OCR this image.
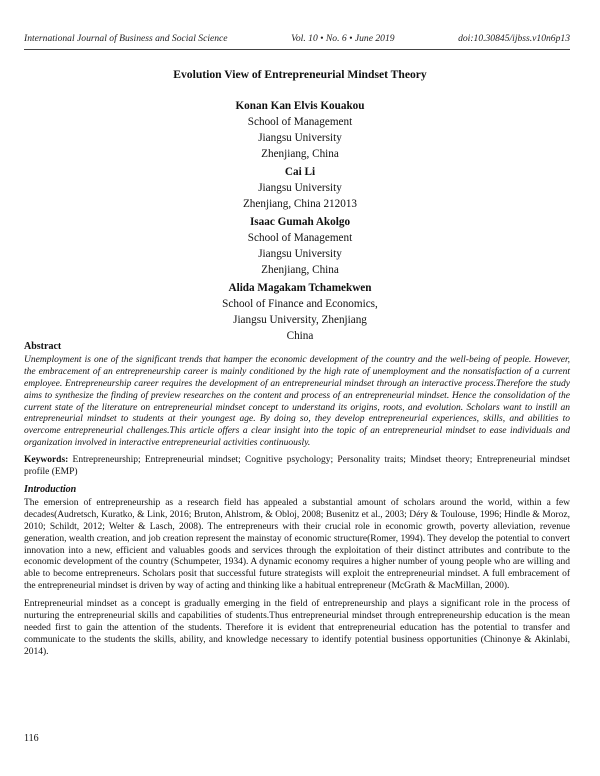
International Journal of Business and Social Science	Vol. 10 • No. 6 • June 2019	doi:10.30845/ijbss.v10n6p13
Evolution View of Entrepreneurial Mindset Theory
Konan Kan Elvis Kouakou
School of Management
Jiangsu University
Zhenjiang, China
Cai Li
Jiangsu University
Zhenjiang, China 212013
Isaac Gumah Akolgo
School of Management
Jiangsu University
Zhenjiang, China
Alida Magakam Tchamekwen
School of Finance and Economics,
Jiangsu University, Zhenjiang
China
Abstract

Unemployment is one of the significant trends that hamper the economic development of the country and the well-being of people. However, the embracement of an entrepreneurship career is mainly conditioned by the high rate of unemployment and the nonsatisfaction of a current employee. Entrepreneurship career requires the development of an entrepreneurial mindset through an interactive process.Therefore the study aims to synthesize the finding of preview researches on the content and process of an entrepreneurial mindset. Hence the consolidation of the current state of the literature on entrepreneurial mindset concept to understand its origins, roots, and evolution. Scholars want to instill an entrepreneurial mindset to students at their youngest age. By doing so, they develop entrepreneurial experiences, skills, and abilities to overcome entrepreneurial challenges.This article offers a clear insight into the topic of an entrepreneurial mindset to ease individuals and organization involved in interactive entrepreneurial activities continuously.

Keywords: Entrepreneurship; Entrepreneurial mindset; Cognitive psychology; Personality traits; Mindset theory; Entrepreneurial mindset profile (EMP)

Introduction

The emersion of entrepreneurship as a research field has appealed a substantial amount of scholars around the world, within a few decades(Audretsch, Kuratko, & Link, 2016; Bruton, Ahlstrom, & Obloj, 2008; Busenitz et al., 2003; Déry & Toulouse, 1996; Hindle & Moroz, 2010; Schildt, 2012; Welter & Lasch, 2008). The entrepreneurs with their crucial role in economic growth, poverty alleviation, revenue generation, wealth creation, and job creation represent the mainstay of economic structure(Romer, 1994). They develop the potential to convert innovation into a new, efficient and valuables goods and services through the exploitation of their distinct attributes and contribute to the economic development of the country (Schumpeter, 1934). A dynamic economy requires a higher number of young people who are willing and able to become entrepreneurs. Scholars posit that successful future strategists will exploit the entrepreneurial mindset. A full embracement of the entrepreneurial mindset is driven by way of acting and thinking like a habitual entrepreneur (McGrath & MacMillan, 2000).

Entrepreneurial mindset as a concept is gradually emerging in the field of entrepreneurship and plays a significant role in the process of nurturing the entrepreneurial skills and capabilities of students.Thus entrepreneurial mindset through entrepreneurship education is the mean needed first to gain the attention of the students. Therefore it is evident that entrepreneurial education has the potential to transfer and communicate to the students the skills, ability, and knowledge necessary to identify potential business opportunities (Chinonye & Akinlabi, 2014).

116
